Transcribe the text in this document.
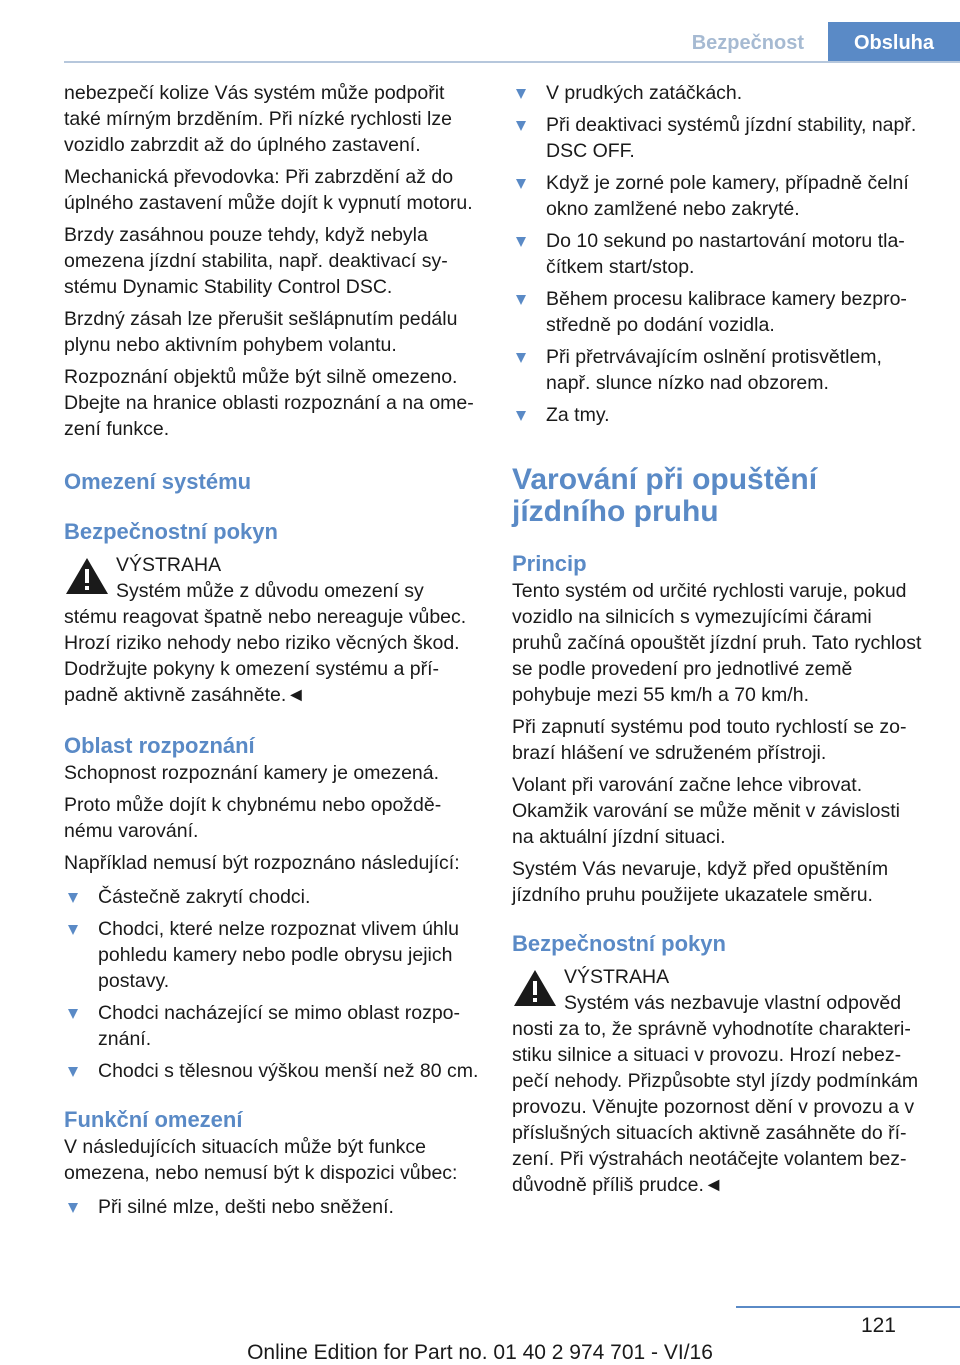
Bezpečnost	Obsluha

nebezpečí kolize Vás systém může podpořit také mírným brzděním. Při nízké rychlosti lze vozidlo zabrzdit až do úplného zastavení.

Mechanická převodovka: Při zabrzdění až do úplného zastavení může dojít k vypnutí motoru.

Brzdy zasáhnou pouze tehdy, když nebyla omezena jízdní stabilita, např. deaktivací systému Dynamic Stability Control DSC.

Brzdný zásah lze přerušit sešlápnutím pedálu plynu nebo aktivním pohybem volantu.

Rozpoznání objektů může být silně omezeno. Dbejte na hranice oblasti rozpoznání a na omezení funkce.

Omezení systému
Bezpečnostní pokyn
VÝSTRAHA

Systém může z důvodu omezení sy

stému reagovat špatně nebo nereaguje vůbec. Hrozí riziko nehody nebo riziko věcných škod. Dodržujte pokyny k omezení systému a případně aktivně zasáhněte.◄

Oblast rozpoznání

Schopnost rozpoznání kamery je omezená.

Proto může dojít k chybnému nebo opožděnému varování.

Například nemusí být rozpoznáno následující:

Částečně zakrytí chodci.
Chodci, které nelze rozpoznat vlivem úhlu pohledu kamery nebo podle obrysu jejich postavy.
Chodci nacházející se mimo oblast rozpoznání.
Chodci s tělesnou výškou menší než 80 cm.
Funkční omezení

V následujících situacích může být funkce omezena, nebo nemusí být k dispozici vůbec:

Při silné mlze, dešti nebo sněžení.
V prudkých zatáčkách.
Při deaktivaci systémů jízdní stability, např. DSC OFF.
Když je zorné pole kamery, případně čelní okno zamlžené nebo zakryté.
Do 10 sekund po nastartování motoru tlačítkem start/stop.
Během procesu kalibrace kamery bezprostředně po dodání vozidla.
Při přetrvávajícím oslnění protisvětlem, např. slunce nízko nad obzorem.
Za tmy.
Varování při opuštění
jízdního pruhu
Princip

Tento systém od určité rychlosti varuje, pokud vozidlo na silnicích s vymezujícími čárami pruhů začíná opouštět jízdní pruh. Tato rychlost se podle provedení pro jednotlivé země pohybuje mezi 55 km/h a 70 km/h.

Při zapnutí systému pod touto rychlostí se zobrazí hlášení ve sdruženém přístroji.

Volant při varování začne lehce vibrovat. Okamžik varování se může měnit v závislosti na aktuální jízdní situaci.

Systém Vás nevaruje, když před opuštěním jízdního pruhu použijete ukazatele směru.

Bezpečnostní pokyn
VÝSTRAHA

Systém vás nezbavuje vlastní odpověd

nosti za to, že správně vyhodnotíte charakteristiku silnice a situaci v provozu. Hrozí nebezpečí nehody. Přizpůsobte styl jízdy podmínkám provozu. Věnujte pozornost dění v provozu a v příslušných situacích aktivně zasáhněte do řízení. Při výstrahách neotáčejte volantem bezdůvodně příliš prudce.◄

121
Online Edition for Part no. 01 40 2 974 701 - VI/16
